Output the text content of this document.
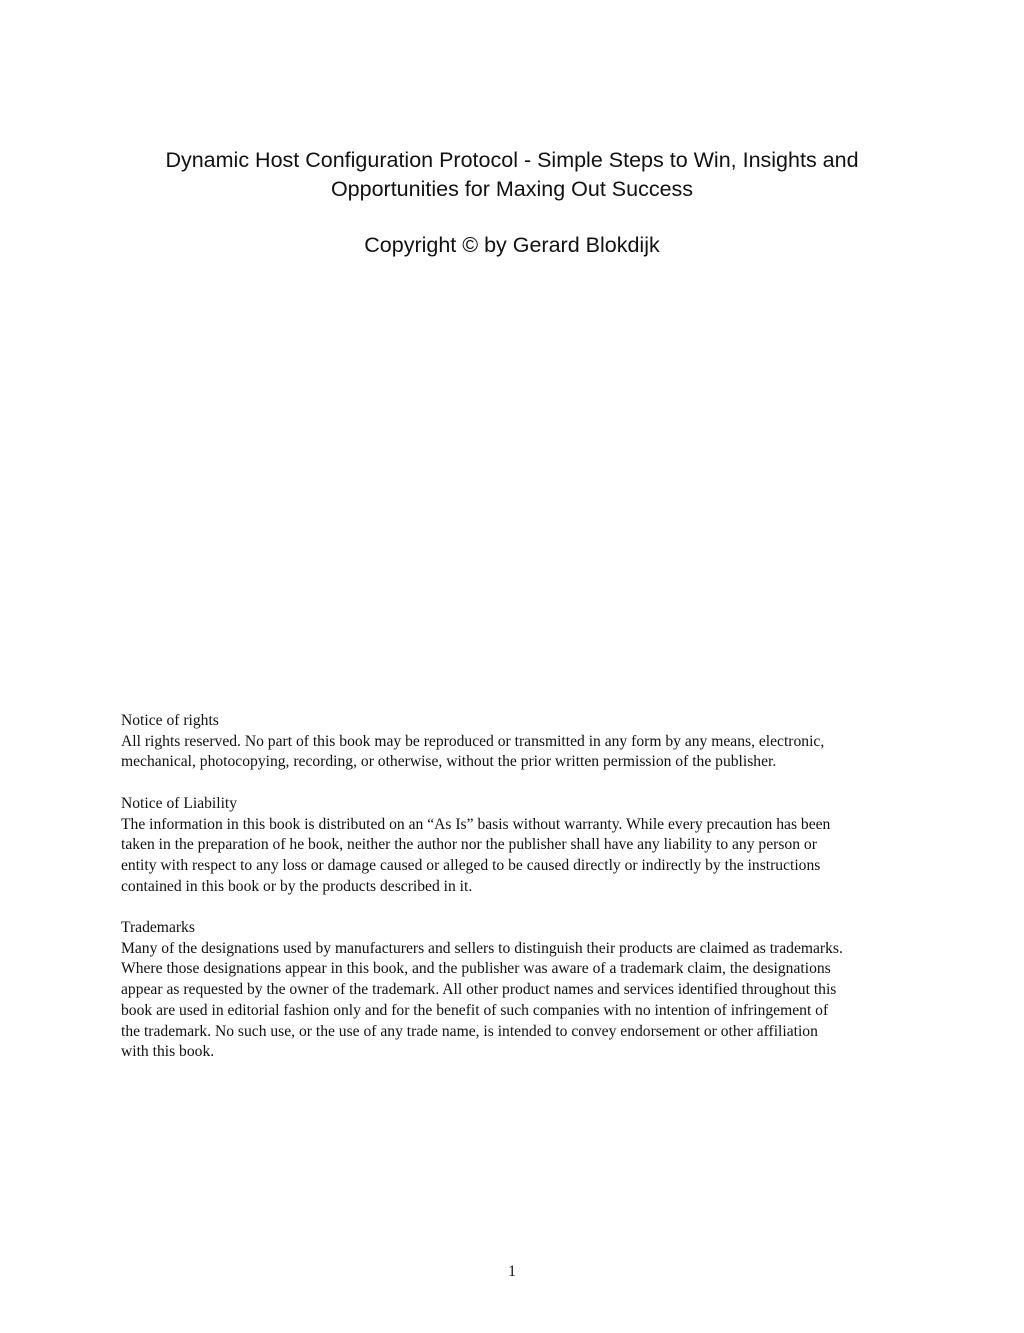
Dynamic Host Configuration Protocol - Simple Steps to Win, Insights and
Opportunities for Maxing Out Success
Copyright © by Gerard Blokdijk
Notice of rights
All rights reserved. No part of this book may be reproduced or transmitted in any form by any means, electronic,
mechanical, photocopying, recording, or otherwise, without the prior written permission of the publisher.
Notice of Liability
The information in this book is distributed on an “As Is” basis without warranty. While every precaution has been
taken in the preparation of he book, neither the author nor the publisher shall have any liability to any person or
entity with respect to any loss or damage caused or alleged to be caused directly or indirectly by the instructions
contained in this book or by the products described in it.
Trademarks
Many of the designations used by manufacturers and sellers to distinguish their products are claimed as trademarks.
Where those designations appear in this book, and the publisher was aware of a trademark claim, the designations
appear as requested by the owner of the trademark. All other product names and services identified throughout this
book are used in editorial fashion only and for the benefit of such companies with no intention of infringement of
the trademark. No such use, or the use of any trade name, is intended to convey endorsement or other affiliation
with this book.
1
